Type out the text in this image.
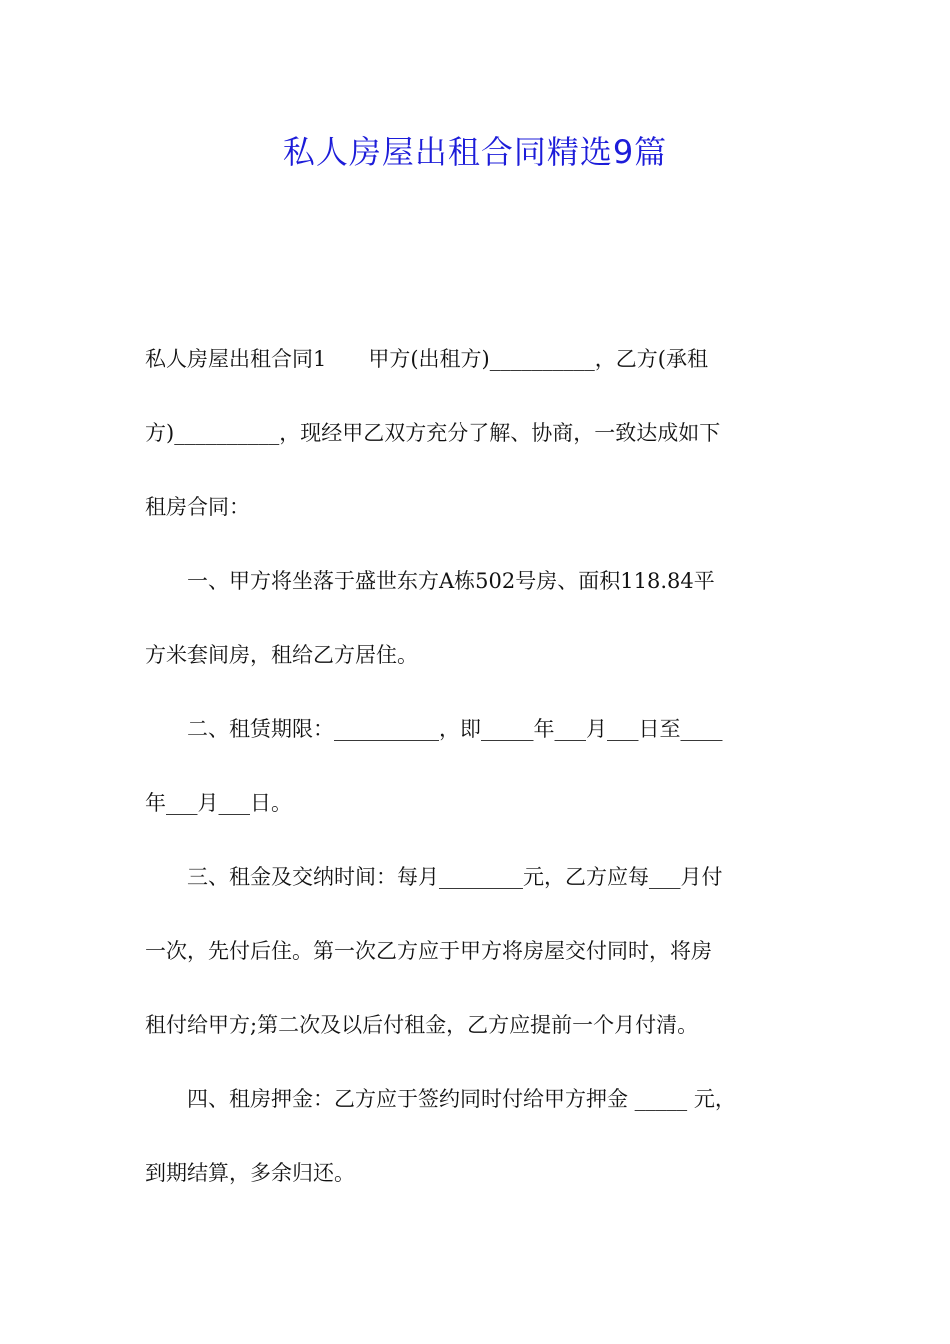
私人房屋出租合同精选9篇
私人房屋出租合同1　　甲方(出租方)__________，乙方(承租
方)__________，现经甲乙双方充分了解、协商，一致达成如下
租房合同：
　　一、甲方将坐落于盛世东方A栋502号房、面积118.84平
方米套间房，租给乙方居住。
　　二、租赁期限：__________，即_____年___月___日至____
年___月___日。
　　三、租金及交纳时间：每月________元，乙方应每___月付
一次，先付后住。第一次乙方应于甲方将房屋交付同时，将房
租付给甲方;第二次及以后付租金，乙方应提前一个月付清。
　　四、租房押金：乙方应于签约同时付给甲方押金 _____ 元，
到期结算，多余归还。
